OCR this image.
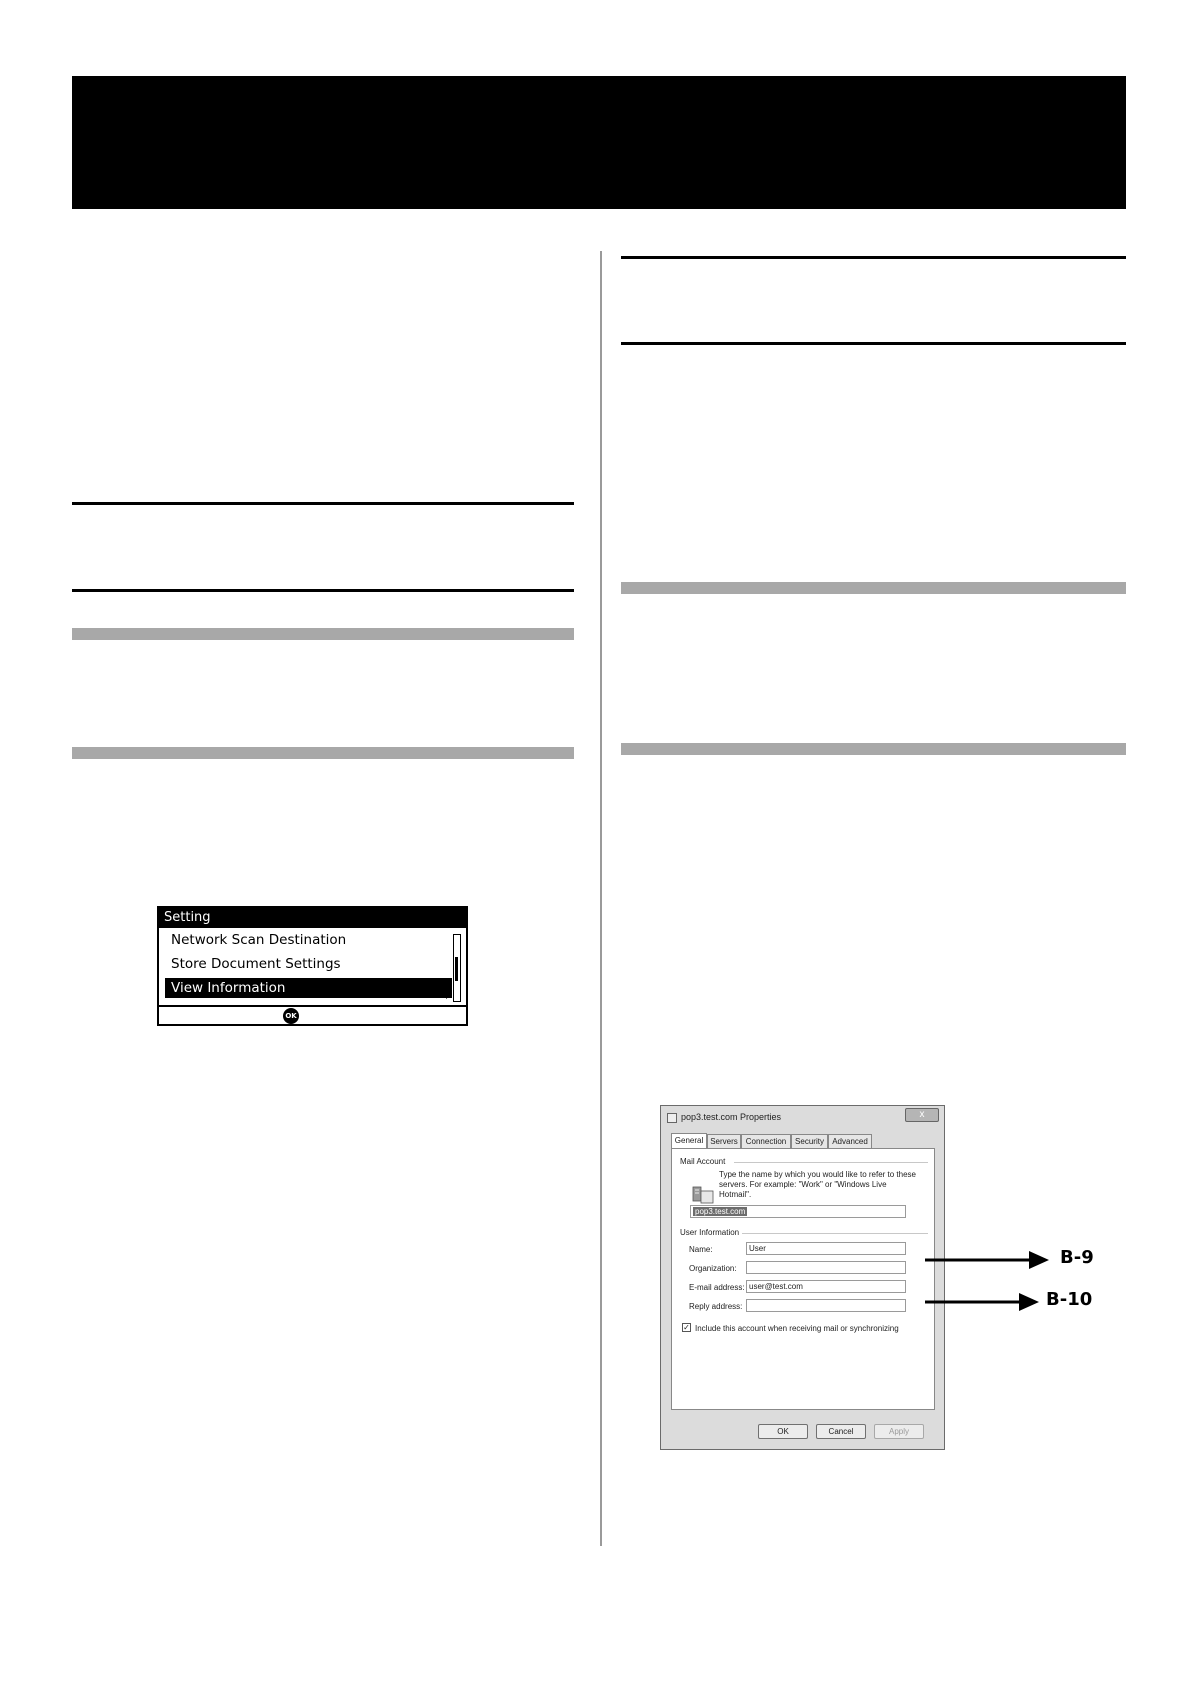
Setting
Network Scan Destination
Store Document Settings
View Information	▲
▼
OK
pop3.test.com Properties	x
General Servers Connection	Security	Advanced
Mail Account
Type the name by which you would like to refer to these servers. For example: "Work" or "Windows Live Hotmail".
pop3.test.com
User Information
Name:	User
Organization:
E-mail address: user@test.com
Reply address:
✓ Include this account when receiving mail or synchronizing
OK	Cancel	Apply
B-9
B-10
